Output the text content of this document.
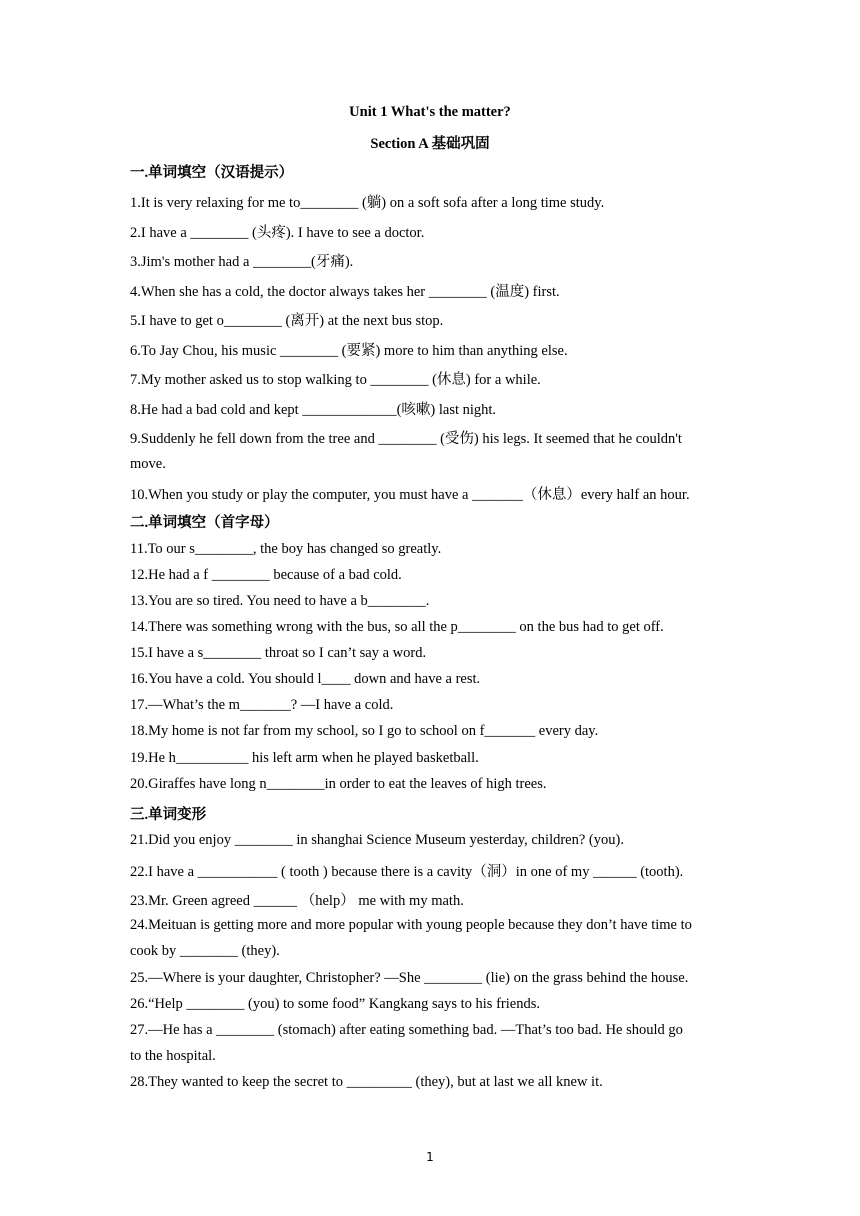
Unit 1 What's the matter?
Section A 基础巩固
一.单词填空（汉语提示）
1.It is very relaxing for me to________ (躺) on a soft sofa after a long time study.
2.I have a ________ (头疼). I have to see a doctor.
3.Jim's mother had a ________(牙痛).
4.When she has a cold, the doctor always takes her ________ (温度) first.
5.I have to get o________ (离开) at the next bus stop.
6.To Jay Chou, his music ________ (要紧) more to him than anything else.
7.My mother asked us to stop walking to ________ (休息) for a while.
8.He had a bad cold and kept _____________(咳嗽) last night.
9.Suddenly he fell down from the tree and ________ (受伤) his legs. It seemed that he couldn't
move.
10.When you study or play the computer, you must have a _______（休息）every half an hour.
二.单词填空（首字母）
11.To our s________, the boy has changed so greatly.
12.He had a f ________ because of a bad cold.
13.You are so tired. You need to have a b________.
14.There was something wrong with the bus, so all the p________ on the bus had to get off.
15.I have a s________ throat so I can’t say a word.
16.You have a cold. You should l____ down and have a rest.
17.—What’s the m_______? —I have a cold.
18.My home is not far from my school, so I go to school on f_______ every day.
19.He h__________ his left arm when he played basketball.
20.Giraffes have long n________in order to eat the leaves of high trees.
三.单词变形
21.Did you enjoy ________ in shanghai Science Museum yesterday, children? (you).
22.I have a ___________ ( tooth ) because there is a cavity（洞）in one of my ______ (tooth).
23.Mr. Green agreed ______ （help） me with my math.
24.Meituan is getting more and more popular with young people because they don’t have time to
cook by ________ (they).
25.—Where is your daughter, Christopher? —She ________ (lie) on the grass behind the house.
26.“Help ________ (you) to some food” Kangkang says to his friends.
27.—He has a ________ (stomach) after eating something bad. —That’s too bad. He should go
to the hospital.
28.They wanted to keep the secret to _________ (they), but at last we all knew it.
1
